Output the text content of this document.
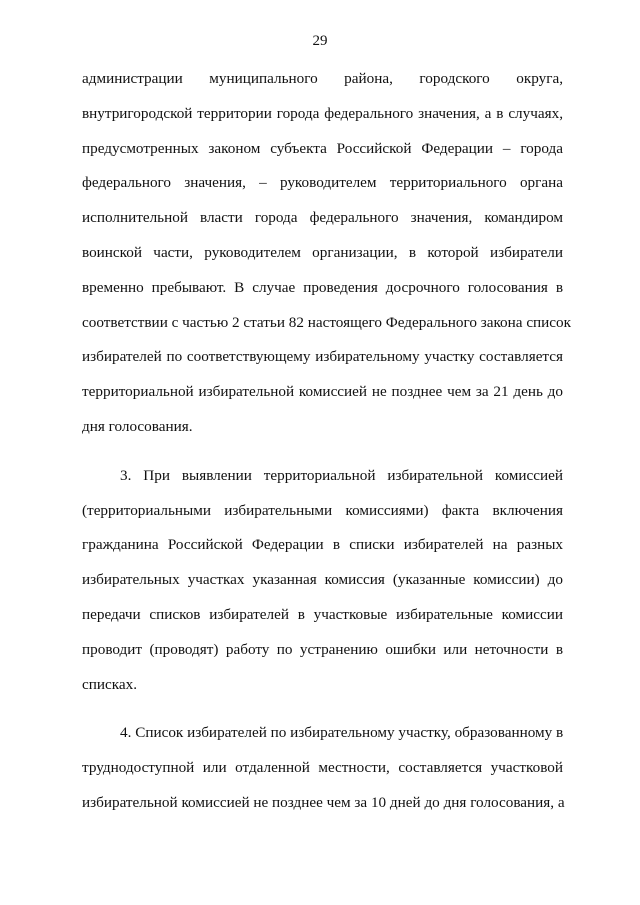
29
администрации муниципального района, городского округа,
внутригородской территории города федерального значения, а в случаях,
предусмотренных законом субъекта Российской Федерации – города
федерального значения, – руководителем территориального органа
исполнительной власти города федерального значения, командиром
воинской части, руководителем организации, в которой избиратели
временно пребывают. В случае проведения досрочного голосования в
соответствии с частью 2 статьи 82 настоящего Федерального закона список
избирателей по соответствующему избирательному участку составляется
территориальной избирательной комиссией не позднее чем за 21 день до
дня голосования.
3. При выявлении территориальной избирательной комиссией
(территориальными избирательными комиссиями) факта включения
гражданина Российской Федерации в списки избирателей на разных
избирательных участках указанная комиссия (указанные комиссии) до
передачи списков избирателей в участковые избирательные комиссии
проводит (проводят) работу по устранению ошибки или неточности в
списках.
4. Список избирателей по избирательному участку, образованному в
труднодоступной или отдаленной местности, составляется участковой
избирательной комиссией не позднее чем за 10 дней до дня голосования, а
